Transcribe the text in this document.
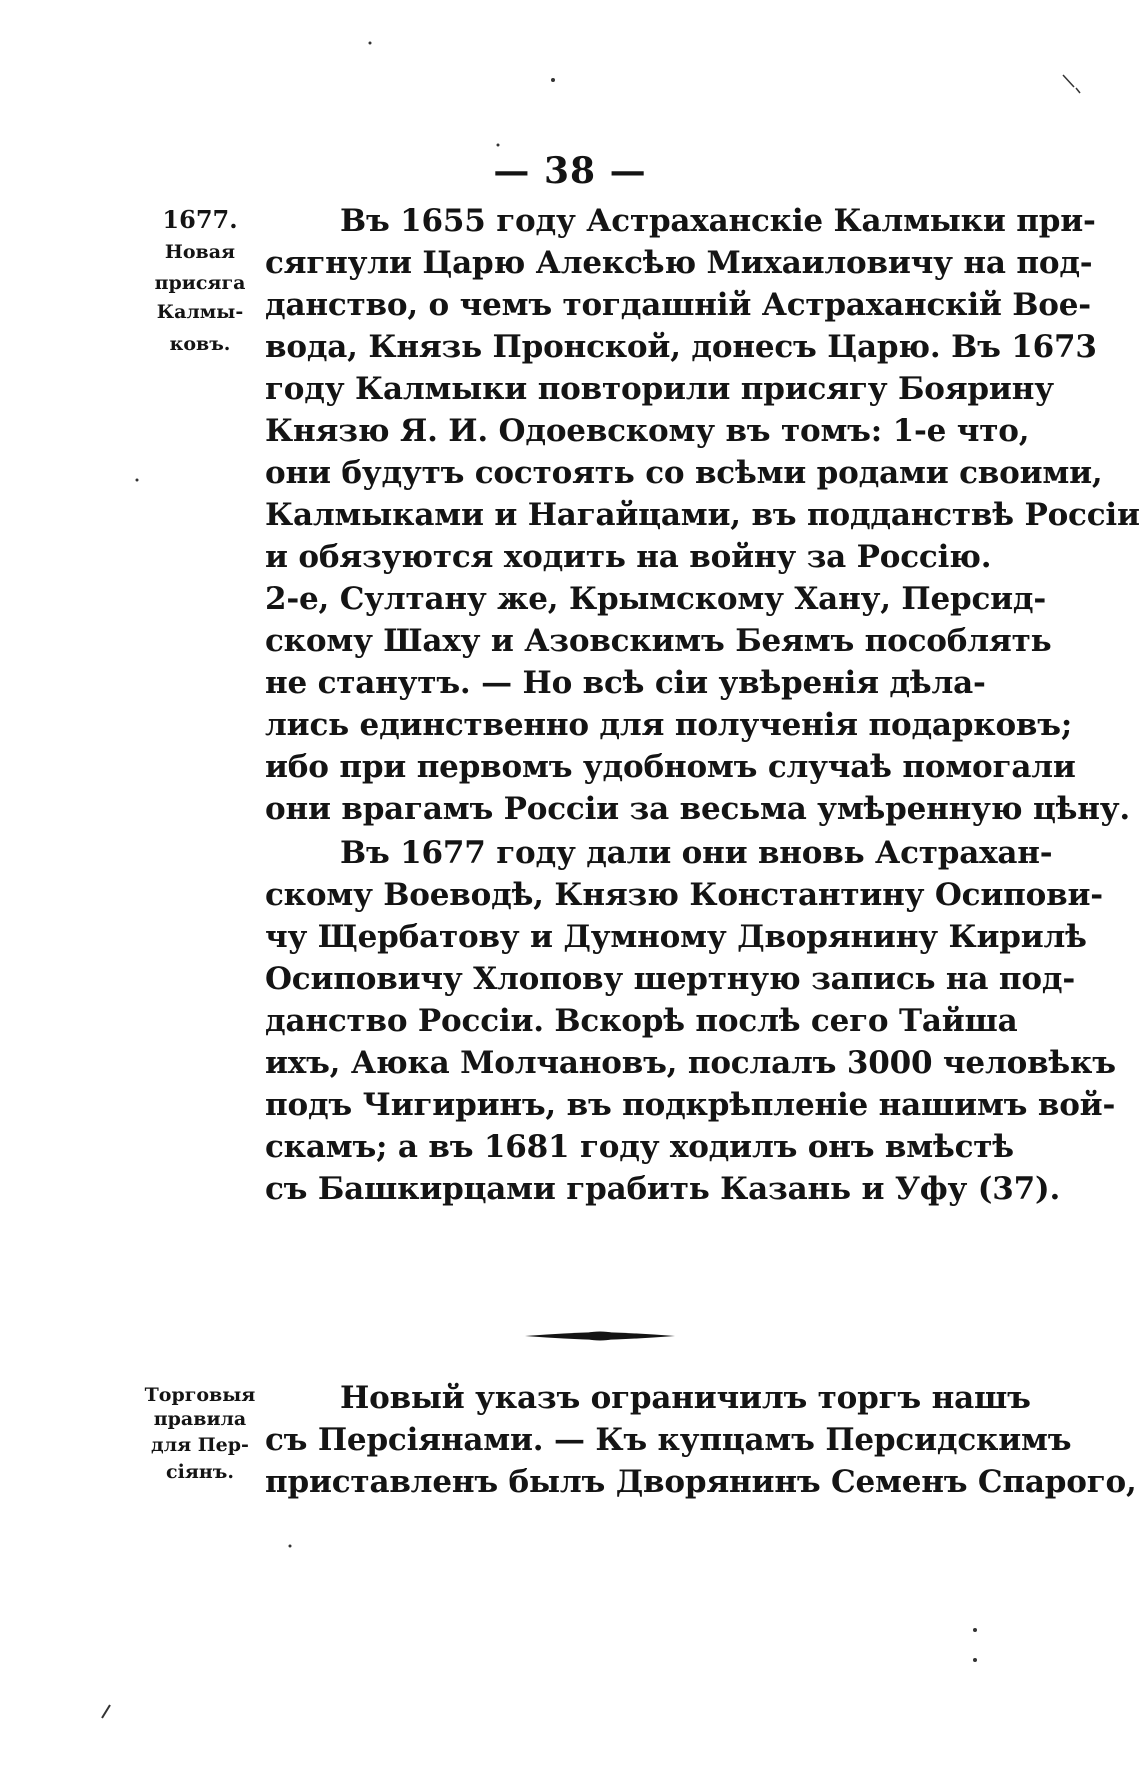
— 38 —
1677.
Новая
присяга
Калмы-
ковъ.
Въ 1655 году Астраханскіе Калмыки при-
сягнули Царю Алексѣю Михаиловичу на под-
данство, о чемъ тогдашній Астраханскій Вое-
вода, Князь Пронской, донесъ Царю. Въ 1673
году Калмыки повторили присягу Боярину
Князю Я. И. Одоевскому въ томъ: 1-е что,
они будутъ состоять со всѣми родами своими,
Калмыками и Нагайцами, въ подданствѣ Россіи
и обязуются ходить на войну за Россію.
2-е, Султану же, Крымскому Хану, Персид-
скому Шаху и Азовскимъ Беямъ пособлять
не станутъ. — Но всѣ сіи увѣренія дѣла-
лись единственно для полученія подарковъ;
ибо при первомъ удобномъ случаѣ помогали
они врагамъ Россіи за весьма умѣренную цѣну.
Въ 1677 году дали они вновь Астрахан-
скому Воеводѣ, Князю Константину Осипови-
чу Щербатову и Думному Дворянину Кирилѣ
Осиповичу Хлопову шертную запись на под-
данство Россіи. Вскорѣ послѣ сего Тайша
ихъ, Аюка Молчановъ, послалъ 3000 человѣкъ
подъ Чигиринъ, въ подкрѣпленіе нашимъ вой-
скамъ; а въ 1681 году ходилъ онъ вмѣстѣ
съ Башкирцами грабить Казань и Уфу (37).
Торговыя
правила
для Пер-
сіянъ.
Новый указъ ограничилъ торгъ нашъ
съ Персіянами. — Къ купцамъ Персидскимъ
приставленъ былъ Дворянинъ Семенъ Спарого,
